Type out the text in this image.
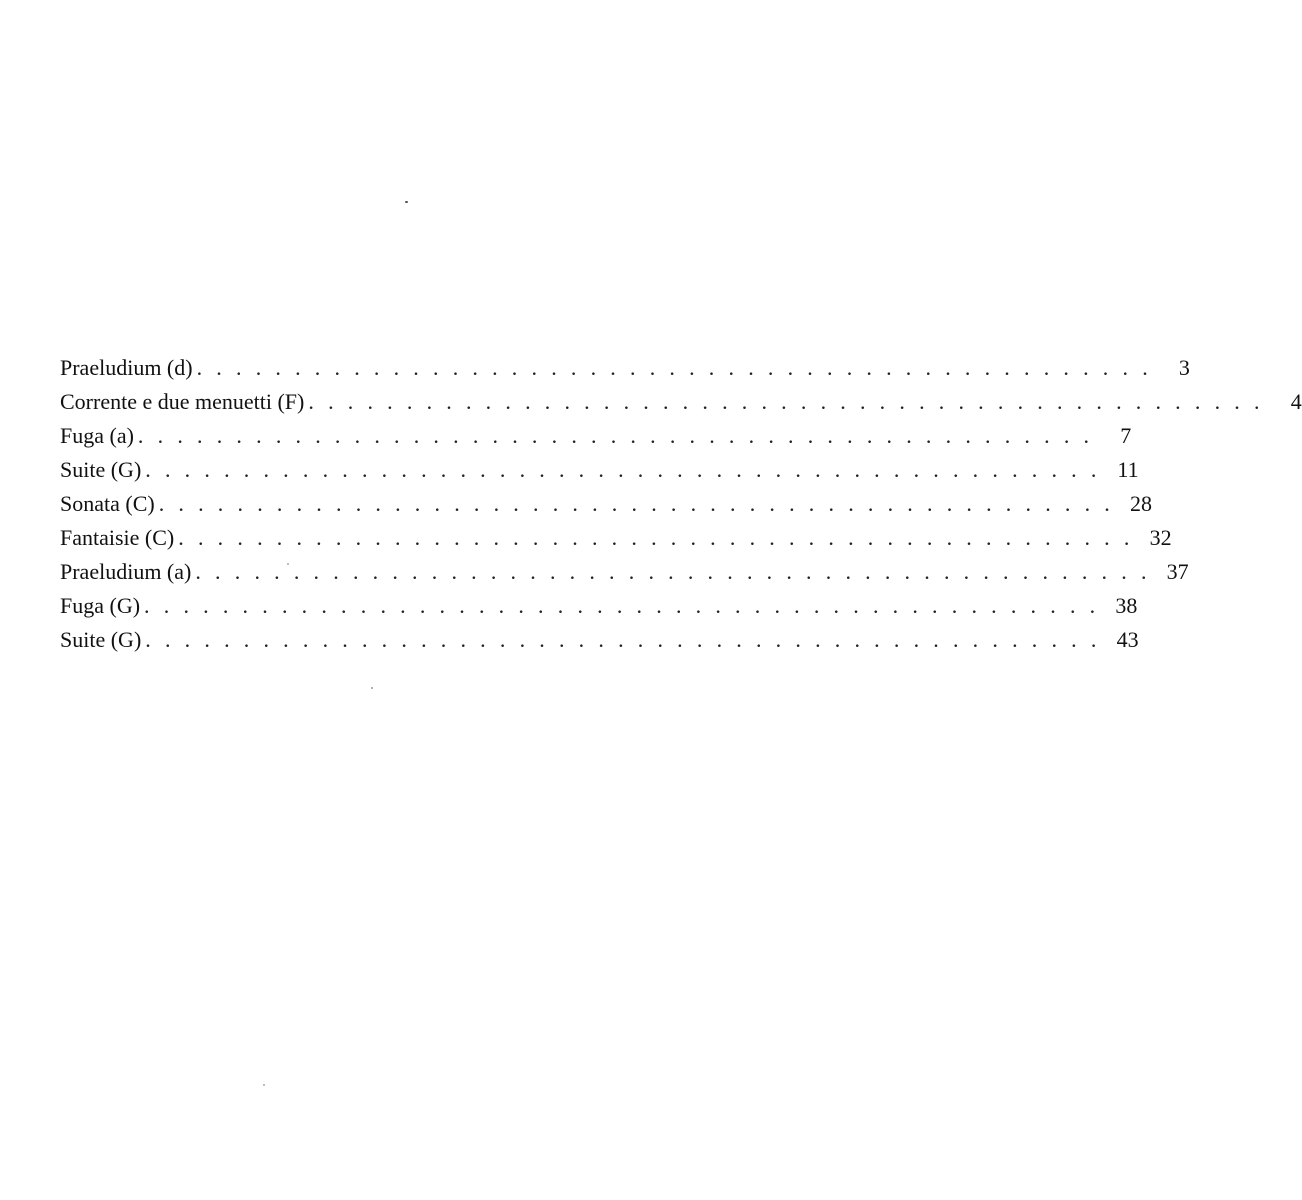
Praeludium (d) ................................................. 3
Corrente e due menuetti (F) ................................................. 4
Fuga (a) ................................................. 7
Suite (G) ................................................. 11
Sonata (C) ................................................. 28
Fantaisie (C) ................................................. 32
Praeludium (a) ................................................. 37
Fuga (G) ................................................. 38
Suite (G) ................................................. 43
